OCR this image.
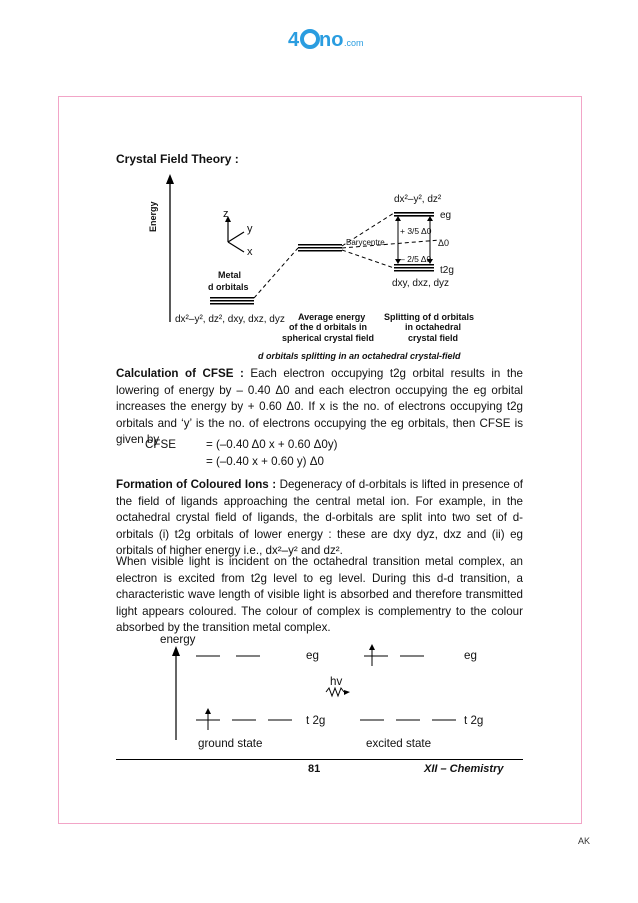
4 no .com
AK
Crystal Field Theory :
Energy	z
y
x
Metal
d orbitals
dx²–y², dz², dxy, dxz, dyz Average energy
of the d orbitals in
spherical crystal field
Splitting of d orbitals
in octahedral
crystal field
Barycentre
eg
t2g
dx²–y², dz²
dxy, dxz, dyz
+ 3/5 Δ0
– 2/5 Δ0
Δ0
d orbitals splitting in an octahedral crystal-field
Calculation of CFSE : Each electron occupying t2g orbital results in the lowering of energy by – 0.40 Δ0 and each electron occupying the eg orbital increases the energy by + 0.60 Δ0. If x is the no. of electrons occupying t2g orbitals and ‘y’ is the no. of electrons occupying the eg orbitals, then CFSE is given by
CFSE	= (–0.40 Δ0 x + 0.60 Δ0y)
= (–0.40 x + 0.60 y) Δ0
Formation of Coloured Ions : Degeneracy of d-orbitals is lifted in presence of the field of ligands approaching the central metal ion. For example, in the octahedral crystal field of ligands, the d-orbitals are split into two set of d-orbitals (i) t2g orbitals of lower energy : these are dxy dyz, dxz and (ii) eg orbitals of higher energy i.e., dx²–y² and dz².
When visible light is incident on the octahedral transition metal complex, an electron is excited from t2g level to eg level. During this d-d transition, a characteristic wave length of visible light is absorbed and therefore transmitted light appears coloured. The colour of complex is complementry to the colour absorbed by the transition metal complex.
energy
eg	eg
hv
t 2g	t 2g
ground state	excited state
81	XII – Chemistry
